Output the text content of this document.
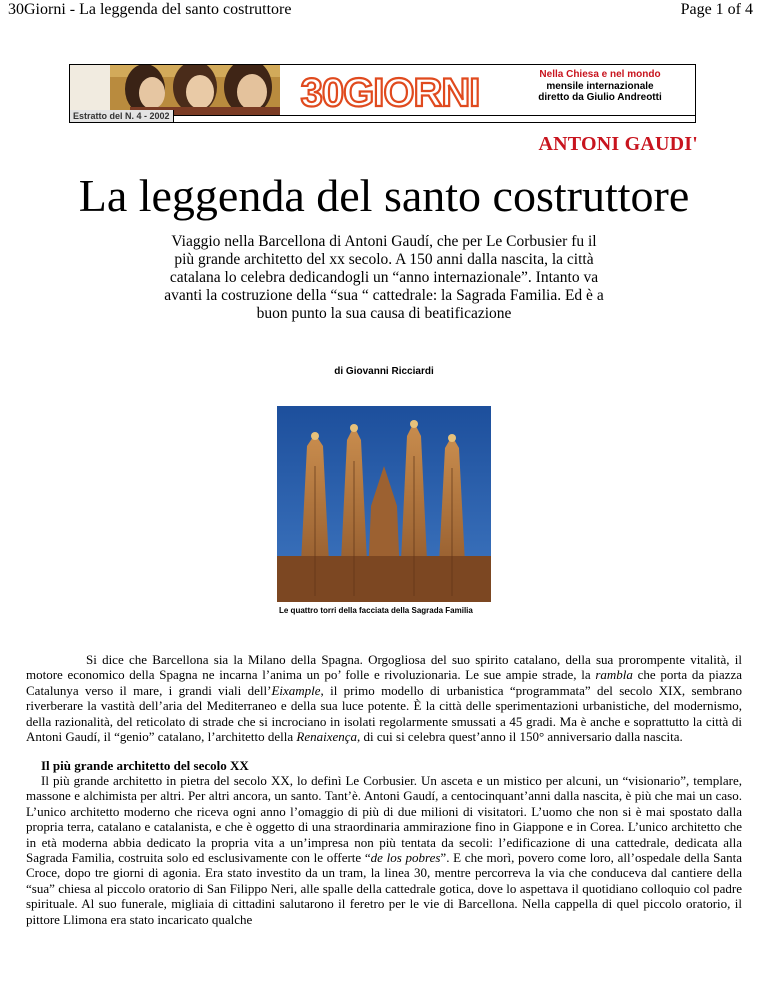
30Giorni - La leggenda del santo costruttore	Page 1 of 4
30GIORNI	Nella Chiesa e nel mondo
mensile internazionale
diretto da Giulio Andreotti
Estratto del N. 4 - 2002
ANTONI GAUDI'
La leggenda del santo costruttore
Viaggio nella Barcellona di Antoni Gaudí, che per Le Corbusier fu il più grande architetto del xx secolo. A 150 anni dalla nascita, la città catalana lo celebra dedicandogli un “anno internazionale”. Intanto va avanti la costruzione della “sua “ cattedrale: la Sagrada Familia. Ed è a buon punto la sua causa di beatificazione
di Giovanni Ricciardi
Le quattro torri della facciata della Sagrada Familia
Si dice che Barcellona sia la Milano della Spagna. Orgogliosa del suo spirito catalano, della sua prorompente vitalità, il motore economico della Spagna ne incarna l’anima un po’ folle e rivoluzionaria. Le sue ampie strade, la rambla che porta da piazza Catalunya verso il mare, i grandi viali dell’Eixample, il primo modello di urbanistica “programmata” del secolo XIX, sembrano riverberare la vastità dell’aria del Mediterraneo e della sua luce potente. È la città delle sperimentazioni urbanistiche, del modernismo, della razionalità, del reticolato di strade che si incrociano in isolati regolarmente smussati a 45 gradi. Ma è anche e soprattutto la città di Antoni Gaudí, il “genio” catalano, l’architetto della Renaixença, di cui si celebra quest’anno il 150° anniversario dalla nascita.
Il più grande architetto del secolo XX
Il più grande architetto in pietra del secolo XX, lo definì Le Corbusier. Un asceta e un mistico per alcuni, un “visionario”, templare, massone e alchimista per altri. Per altri ancora, un santo. Tant’è. Antoni Gaudí, a centocinquant’anni dalla nascita, è più che mai un caso. L’unico architetto moderno che riceva ogni anno l’omaggio di più di due milioni di visitatori. L’uomo che non si è mai spostato dalla propria terra, catalano e catalanista, e che è oggetto di una straordinaria ammirazione fino in Giappone e in Corea. L’unico architetto che in età moderna abbia dedicato la propria vita a un’impresa non più tentata da secoli: l’edificazione di una cattedrale, dedicata alla Sagrada Familia, costruita solo ed esclusivamente con le offerte “de los pobres”. E che morì, povero come loro, all’ospedale della Santa Croce, dopo tre giorni di agonia. Era stato investito da un tram, la linea 30, mentre percorreva la via che conduceva dal cantiere della “sua” chiesa al piccolo oratorio di San Filippo Neri, alle spalle della cattedrale gotica, dove lo aspettava il quotidiano colloquio col padre spirituale. Al suo funerale, migliaia di cittadini salutarono il feretro per le vie di Barcellona. Nella cappella di quel piccolo oratorio, il pittore Llimona era stato incaricato qualche
